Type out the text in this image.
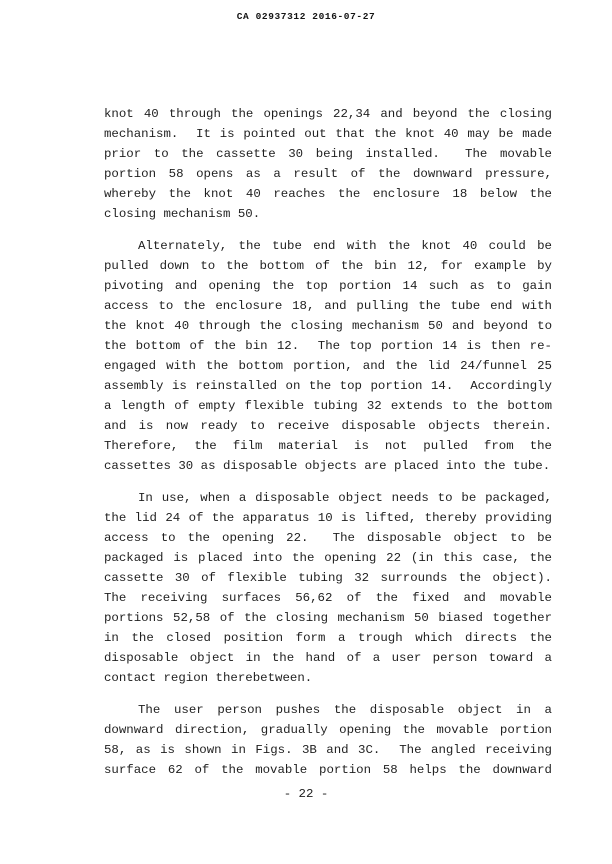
CA 02937312 2016-07-27
knot 40 through the openings 22,34 and beyond the closing
mechanism.  It is pointed out that the knot 40 may be made
prior to the cassette 30 being installed.  The movable
portion 58 opens as a result of the downward pressure,
whereby the knot 40 reaches the enclosure 18 below the
closing mechanism 50.
Alternately, the tube end with the knot 40 could be
pulled down to the bottom of the bin 12, for example by
pivoting and opening the top portion 14 such as to gain
access to the enclosure 18, and pulling the tube end with
the knot 40 through the closing mechanism 50 and beyond to
the bottom of the bin 12.  The top portion 14 is then re-
engaged with the bottom portion, and the lid 24/funnel 25
assembly is reinstalled on the top portion 14.  Accordingly
a length of empty flexible tubing 32 extends to the bottom
and is now ready to receive disposable objects therein.
Therefore, the film material is not pulled from the
cassettes 30 as disposable objects are placed into the tube.
In use, when a disposable object needs to be packaged,
the lid 24 of the apparatus 10 is lifted, thereby providing
access to the opening 22.  The disposable object to be
packaged is placed into the opening 22 (in this case, the
cassette 30 of flexible tubing 32 surrounds the object).
The receiving surfaces 56,62 of the fixed and movable
portions 52,58 of the closing mechanism 50 biased together
in the closed position form a trough which directs the
disposable object in the hand of a user person toward a
contact region therebetween.
The user person pushes the disposable object in a
downward direction, gradually opening the movable portion
58, as is shown in Figs. 3B and 3C.  The angled receiving
surface 62 of the movable portion 58 helps the downward
- 22 -
